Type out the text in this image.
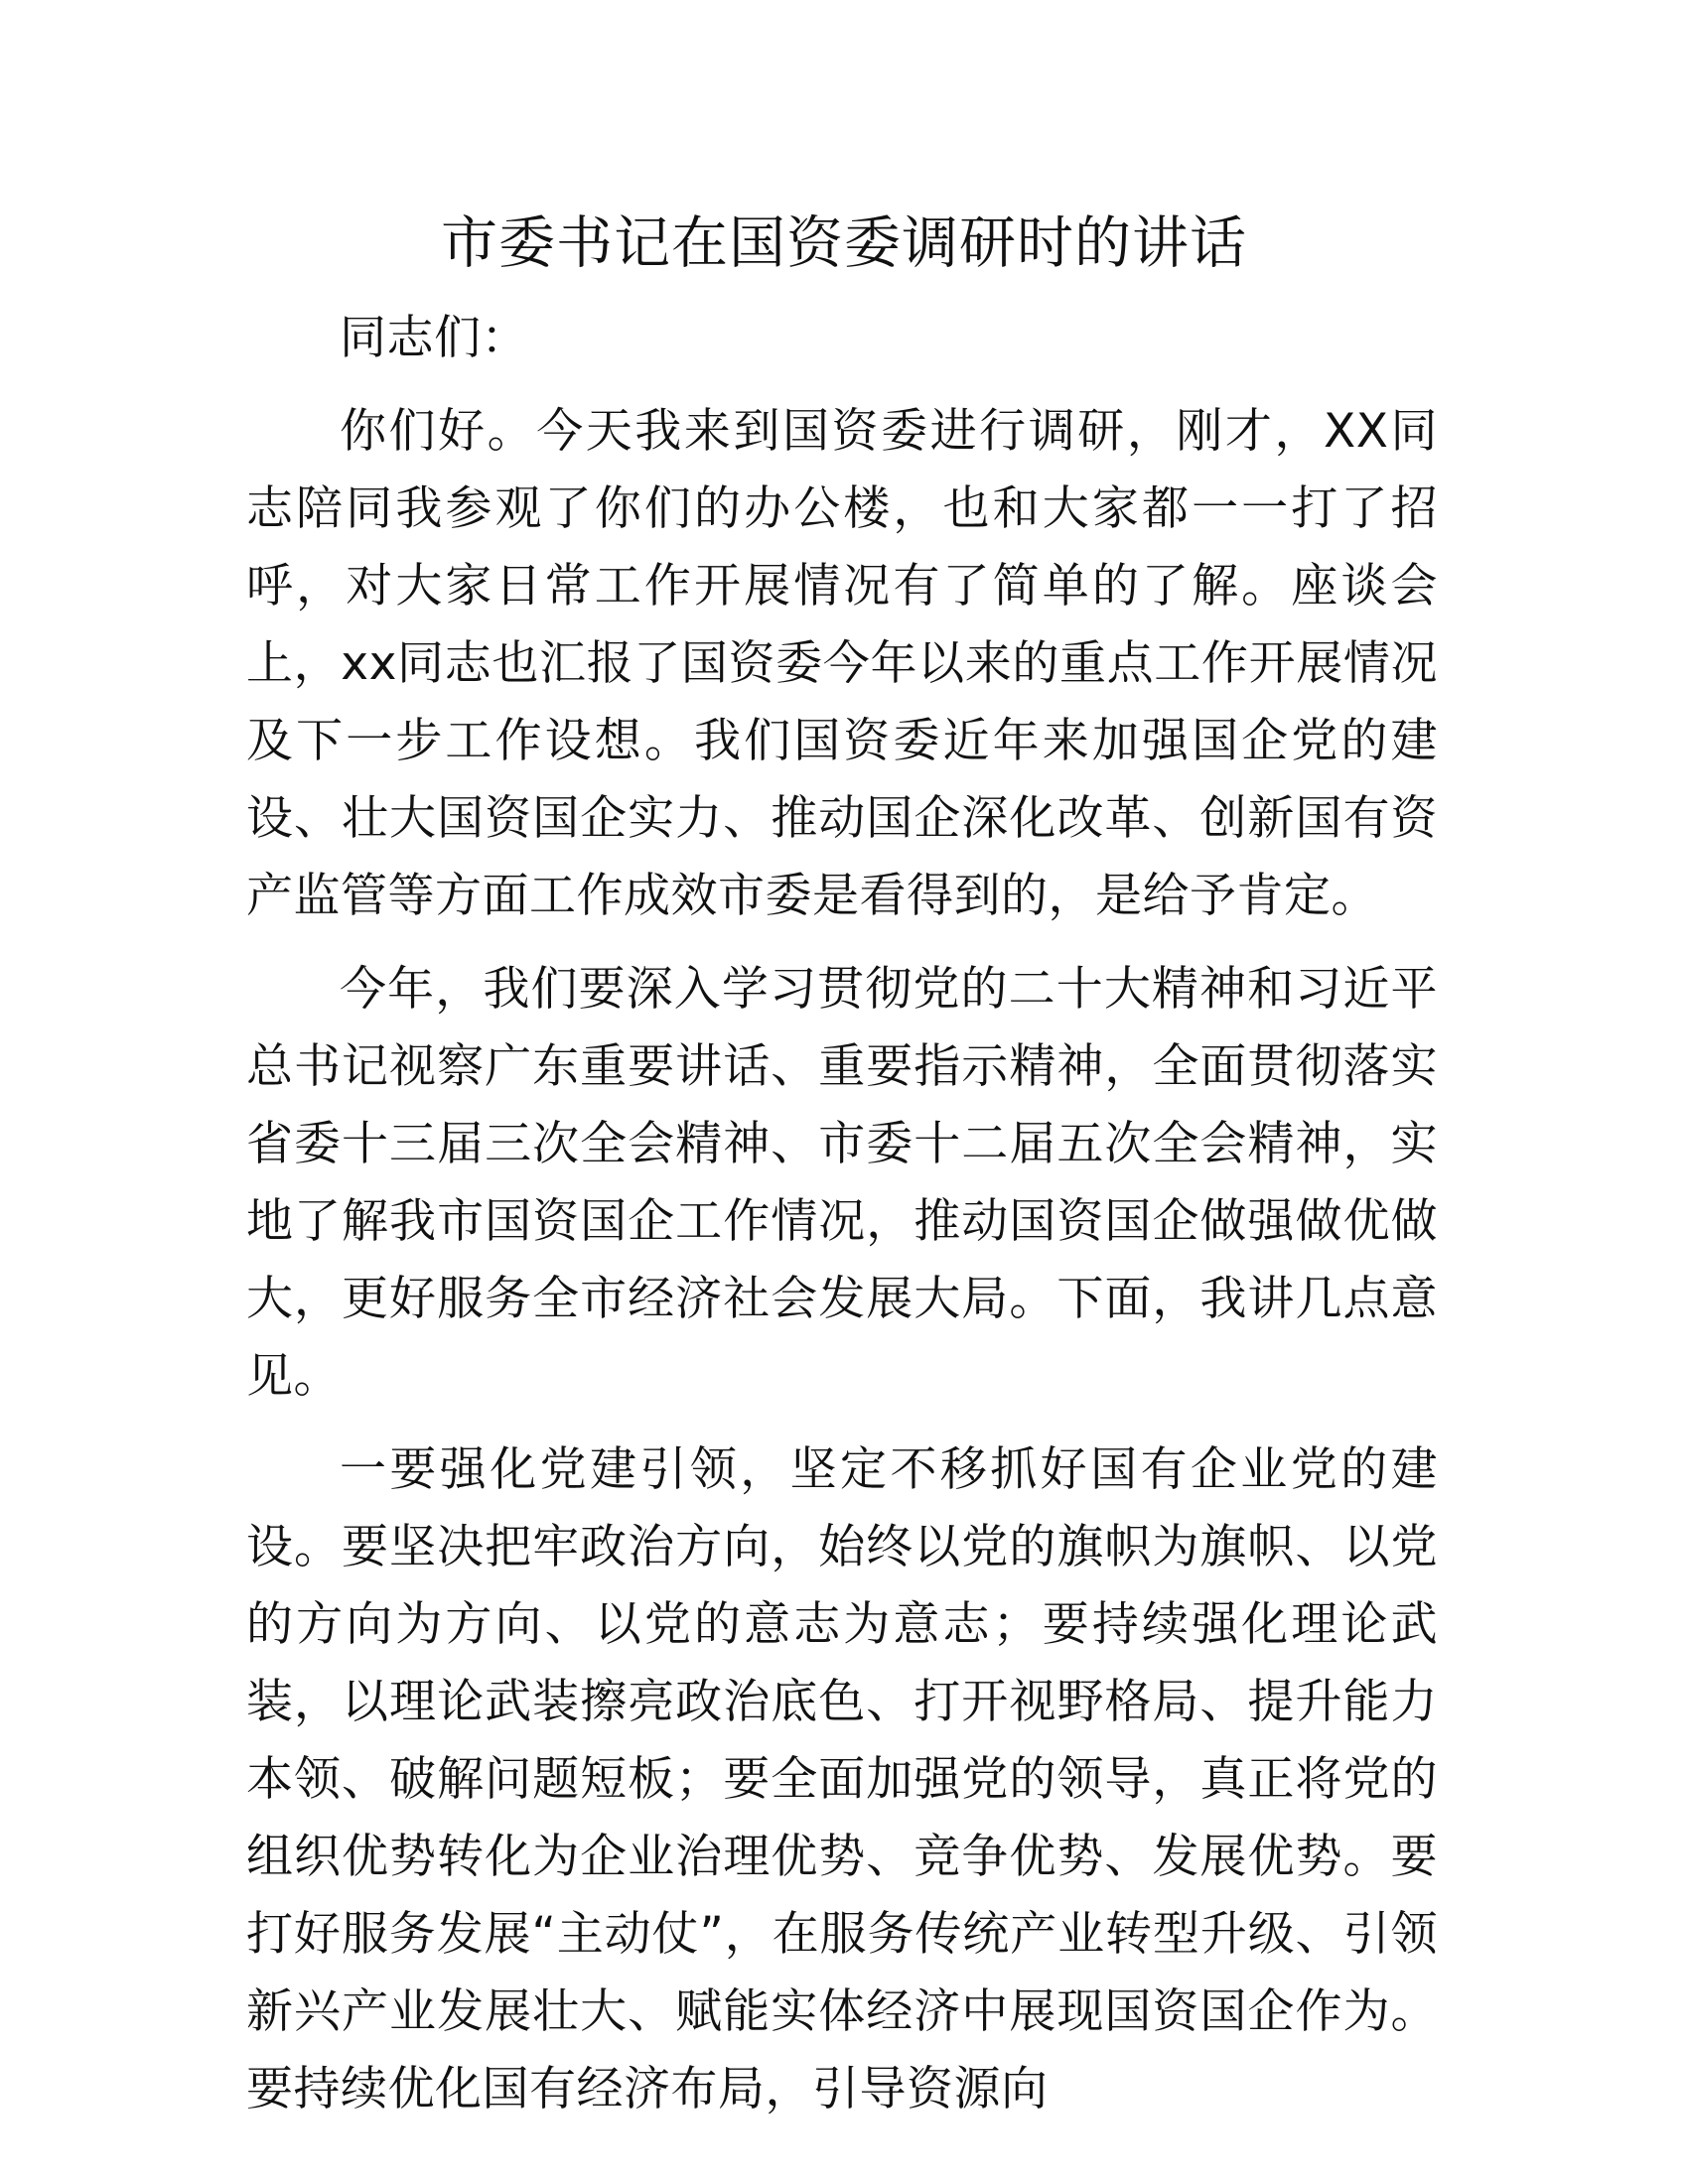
市委书记在国资委调研时的讲话

同志们：

你们好。今天我来到国资委进行调研，刚才，XX同志陪同我参观了你们的办公楼，也和大家都一一打了招呼，对大家日常工作开展情况有了简单的了解。座谈会上，xx同志也汇报了国资委今年以来的重点工作开展情况及下一步工作设想。我们国资委近年来加强国企党的建设、壮大国资国企实力、推动国企深化改革、创新国有资产监管等方面工作成效市委是看得到的，是给予肯定。

今年，我们要深入学习贯彻党的二十大精神和习近平总书记视察广东重要讲话、重要指示精神，全面贯彻落实省委十三届三次全会精神、市委十二届五次全会精神，实地了解我市国资国企工作情况，推动国资国企做强做优做大，更好服务全市经济社会发展大局。下面，我讲几点意见。

一要强化党建引领，坚定不移抓好国有企业党的建设。要坚决把牢政治方向，始终以党的旗帜为旗帜、以党的方向为方向、以党的意志为意志；要持续强化理论武装，以理论武装擦亮政治底色、打开视野格局、提升能力本领、破解问题短板；要全面加强党的领导，真正将党的组织优势转化为企业治理优势、竞争优势、发展优势。要打好服务发展“主动仗”，在服务传统产业转型升级、引领新兴产业发展壮大、赋能实体经济中展现国资国企作为。要持续优化国有经济布局，引导资源向
